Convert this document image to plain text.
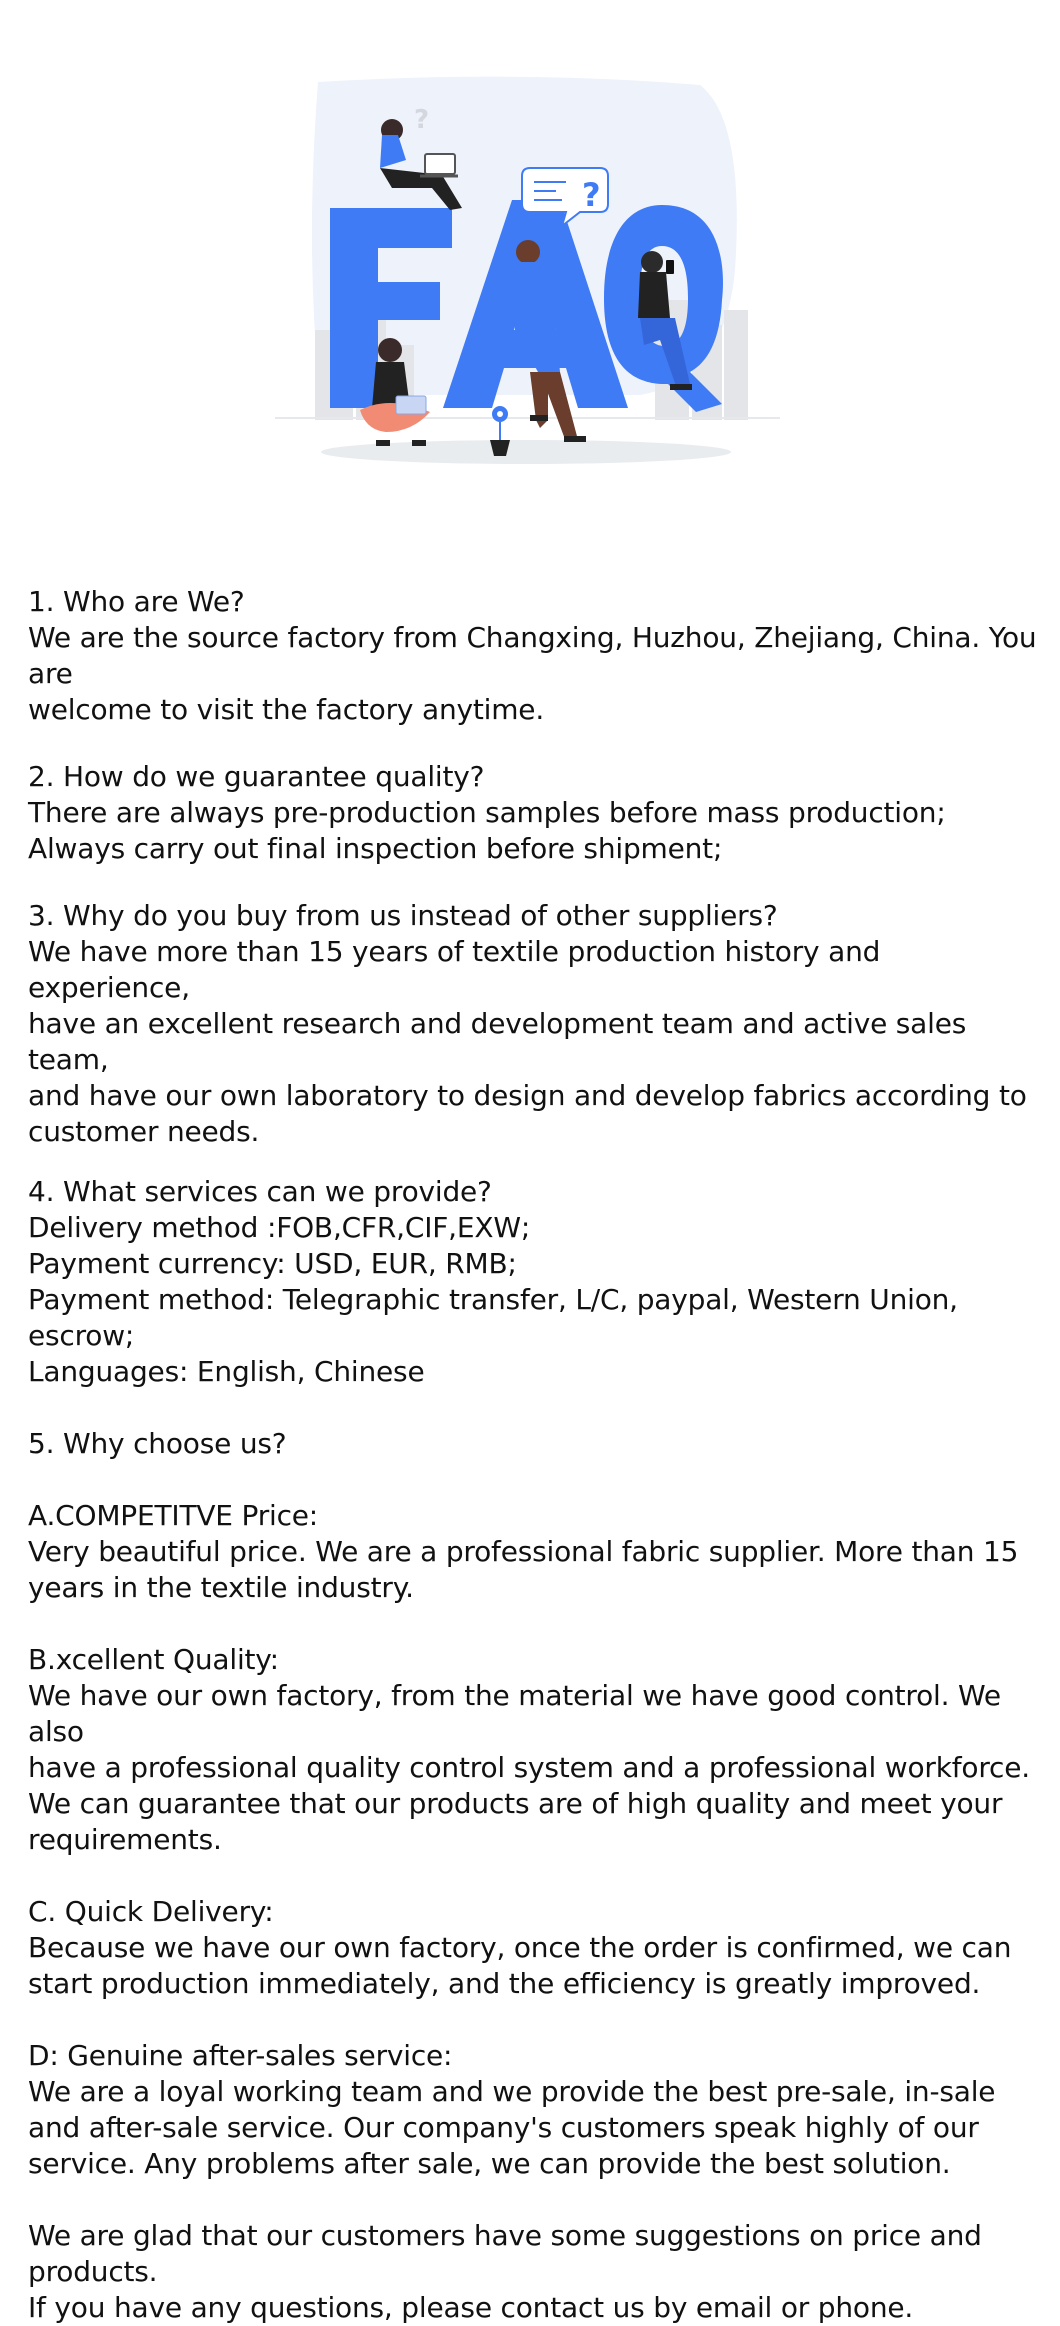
?
?

1. Who are We?

We are the source factory from Changxing, Huzhou, Zhejiang, China. You are

welcome to visit the factory anytime.

2. How do we guarantee quality?

There are always pre-production samples before mass production;

Always carry out final inspection before shipment;

3. Why do you buy from us instead of other suppliers?

We have more than 15 years of textile production history and experience,

have an excellent research and development team and active sales team,

and have our own laboratory to design and develop fabrics according to

customer needs.

4. What services can we provide?

Delivery method :FOB,CFR,CIF,EXW;

Payment currency: USD, EUR, RMB;

Payment method: Telegraphic transfer, L/C, paypal, Western Union, escrow;

Languages: English, Chinese

5. Why choose us?

A.COMPETITVE Price:

Very beautiful price. We are a professional fabric supplier. More than 15

years in the textile industry.

B.xcellent Quality:

We have our own factory, from the material we have good control. We also

have a professional quality control system and a professional workforce.

We can guarantee that our products are of high quality and meet your

requirements.

C. Quick Delivery:

Because we have our own factory, once the order is confirmed, we can

start production immediately, and the efficiency is greatly improved.

D: Genuine after-sales service:

We are a loyal working team and we provide the best pre-sale, in-sale

and after-sale service. Our company's customers speak highly of our

service. Any problems after sale, we can provide the best solution.

We are glad that our customers have some suggestions on price and

products.

If you have any questions, please contact us by email or phone.
